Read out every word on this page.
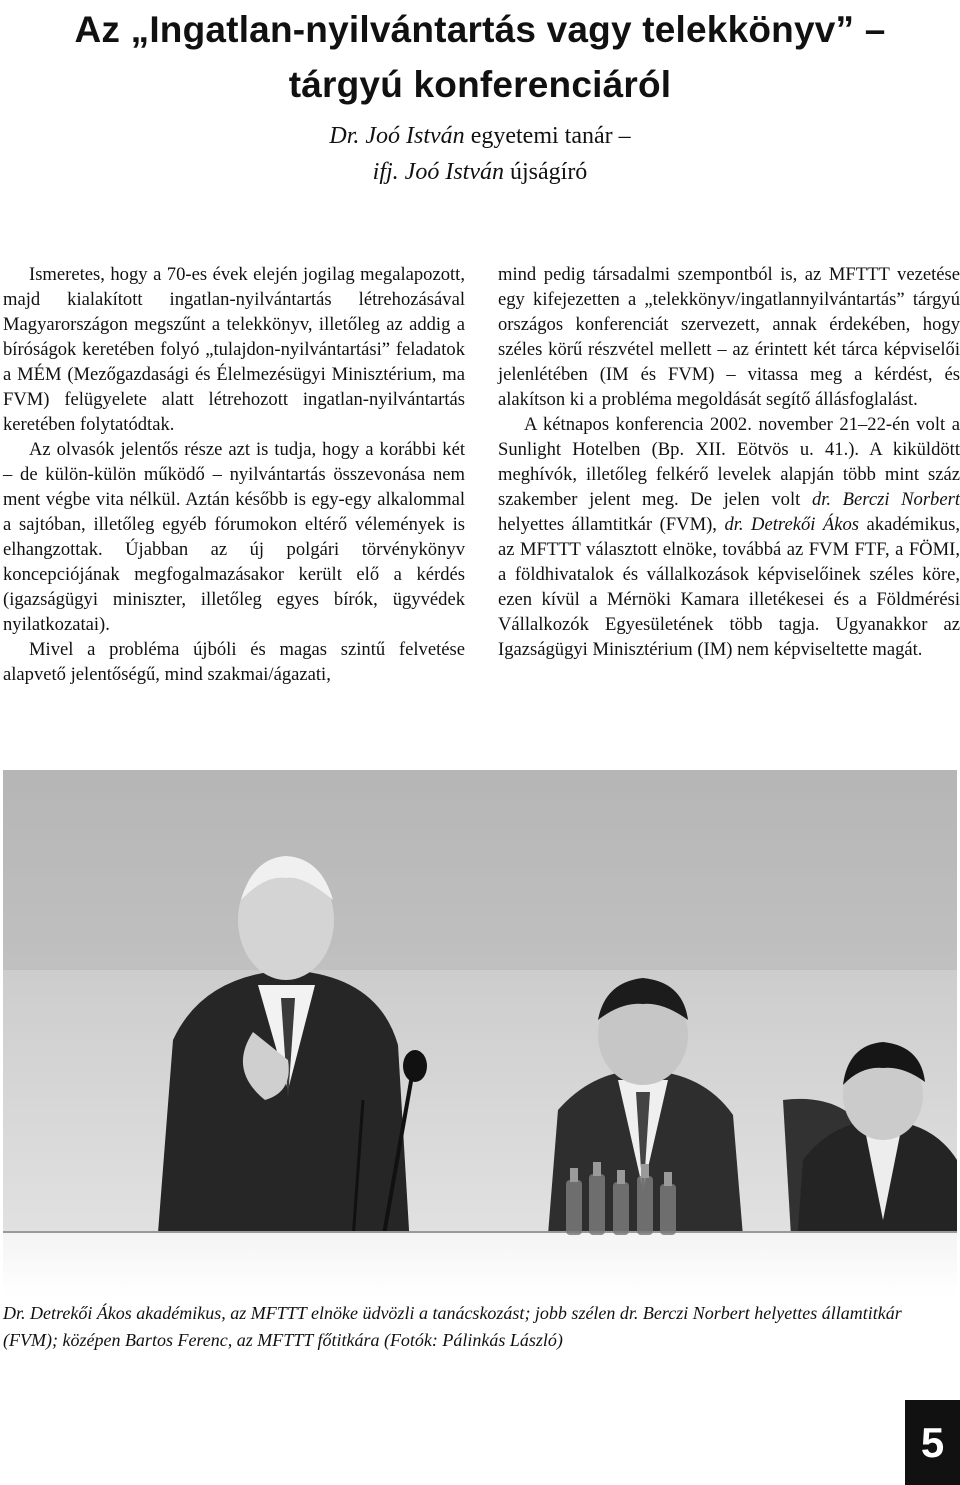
Az „Ingatlan-nyilvántartás vagy telekkönyv” –
tárgyú konferenciáról
Dr. Joó István egyetemi tanár –
ifj. Joó István újságíró

Ismeretes, hogy a 70-es évek elején jogilag megalapozott, majd kialakított ingatlan-nyilvántartás létrehozásával Magyarországon megszűnt a telekkönyv, illetőleg az addig a bíróságok keretében folyó „tulajdon-nyilvántartási” feladatok a MÉM (Mezőgazdasági és Élelmezésügyi Minisztérium, ma FVM) felügyelete alatt létrehozott ingatlan-nyilvántartás keretében folytatódtak.

Az olvasók jelentős része azt is tudja, hogy a korábbi két – de külön-külön működő – nyilvántartás összevonása nem ment végbe vita nélkül. Aztán később is egy-egy alkalommal a sajtóban, illetőleg egyéb fórumokon eltérő vélemények is elhangzottak. Újabban az új polgári törvénykönyv koncepciójának megfogalmazásakor került elő a kérdés (igazságügyi miniszter, illetőleg egyes bírók, ügyvédek nyilatkozatai).

Mivel a probléma újbóli és magas szintű felvetése alapvető jelentőségű, mind szakmai/ágazati,

mind pedig társadalmi szempontból is, az MFTTT vezetése egy kifejezetten a „telekkönyv/ingatlannyilvántartás” tárgyú országos konferenciát szervezett, annak érdekében, hogy széles körű részvétel mellett – az érintett két tárca képviselői jelenlétében (IM és FVM) – vitassa meg a kérdést, és alakítson ki a probléma megoldását segítő állásfoglalást.

A kétnapos konferencia 2002. november 21–22-én volt a Sunlight Hotelben (Bp. XII. Eötvös u. 41.). A kiküldött meghívók, illetőleg felkérő levelek alapján több mint száz szakember jelent meg. De jelen volt dr. Berczi Norbert helyettes államtitkár (FVM), dr. Detrekői Ákos akadémikus, az MFTTT választott elnöke, továbbá az FVM FTF, a FÖMI, a földhivatalok és vállalkozások képviselőinek széles köre, ezen kívül a Mérnöki Kamara illetékesei és a Földmérési Vállalkozók Egyesületének több tagja. Ugyanakkor az Igazságügyi Minisztérium (IM) nem képviseltette magát.

Dr. Detrekői Ákos akadémikus, az MFTTT elnöke üdvözli a tanácskozást; jobb szélen dr. Berczi Norbert helyettes államtitkár (FVM); középen Bartos Ferenc, az MFTTT főtitkára (Fotók: Pálinkás László)
5
